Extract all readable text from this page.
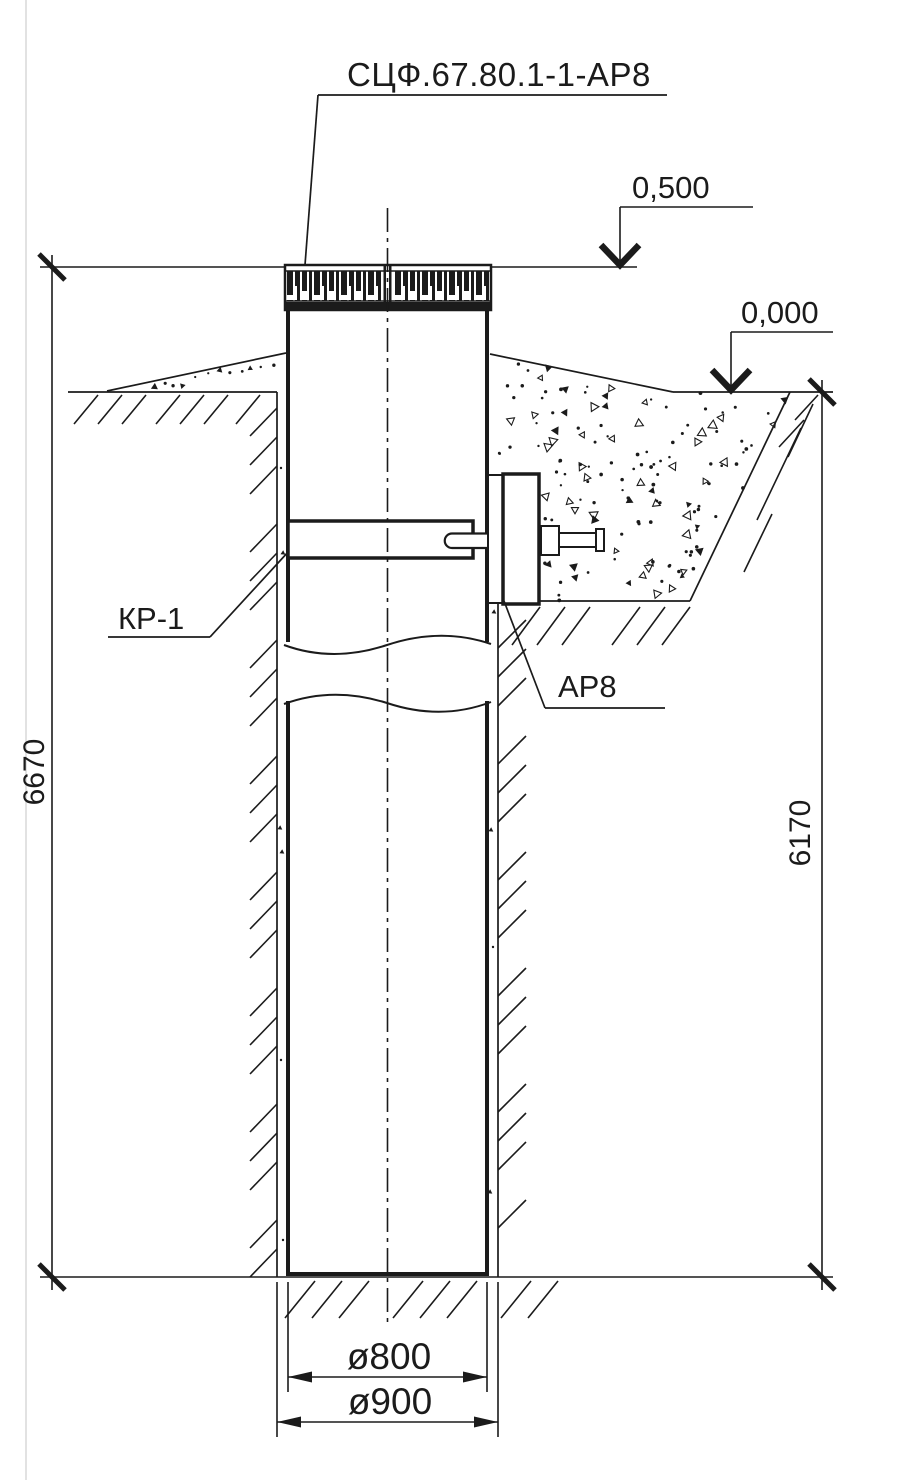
0,500
0,000
СЦФ.67.80.1-1-АР8
КР-1
АР8
6670
6170
ø800
ø900
